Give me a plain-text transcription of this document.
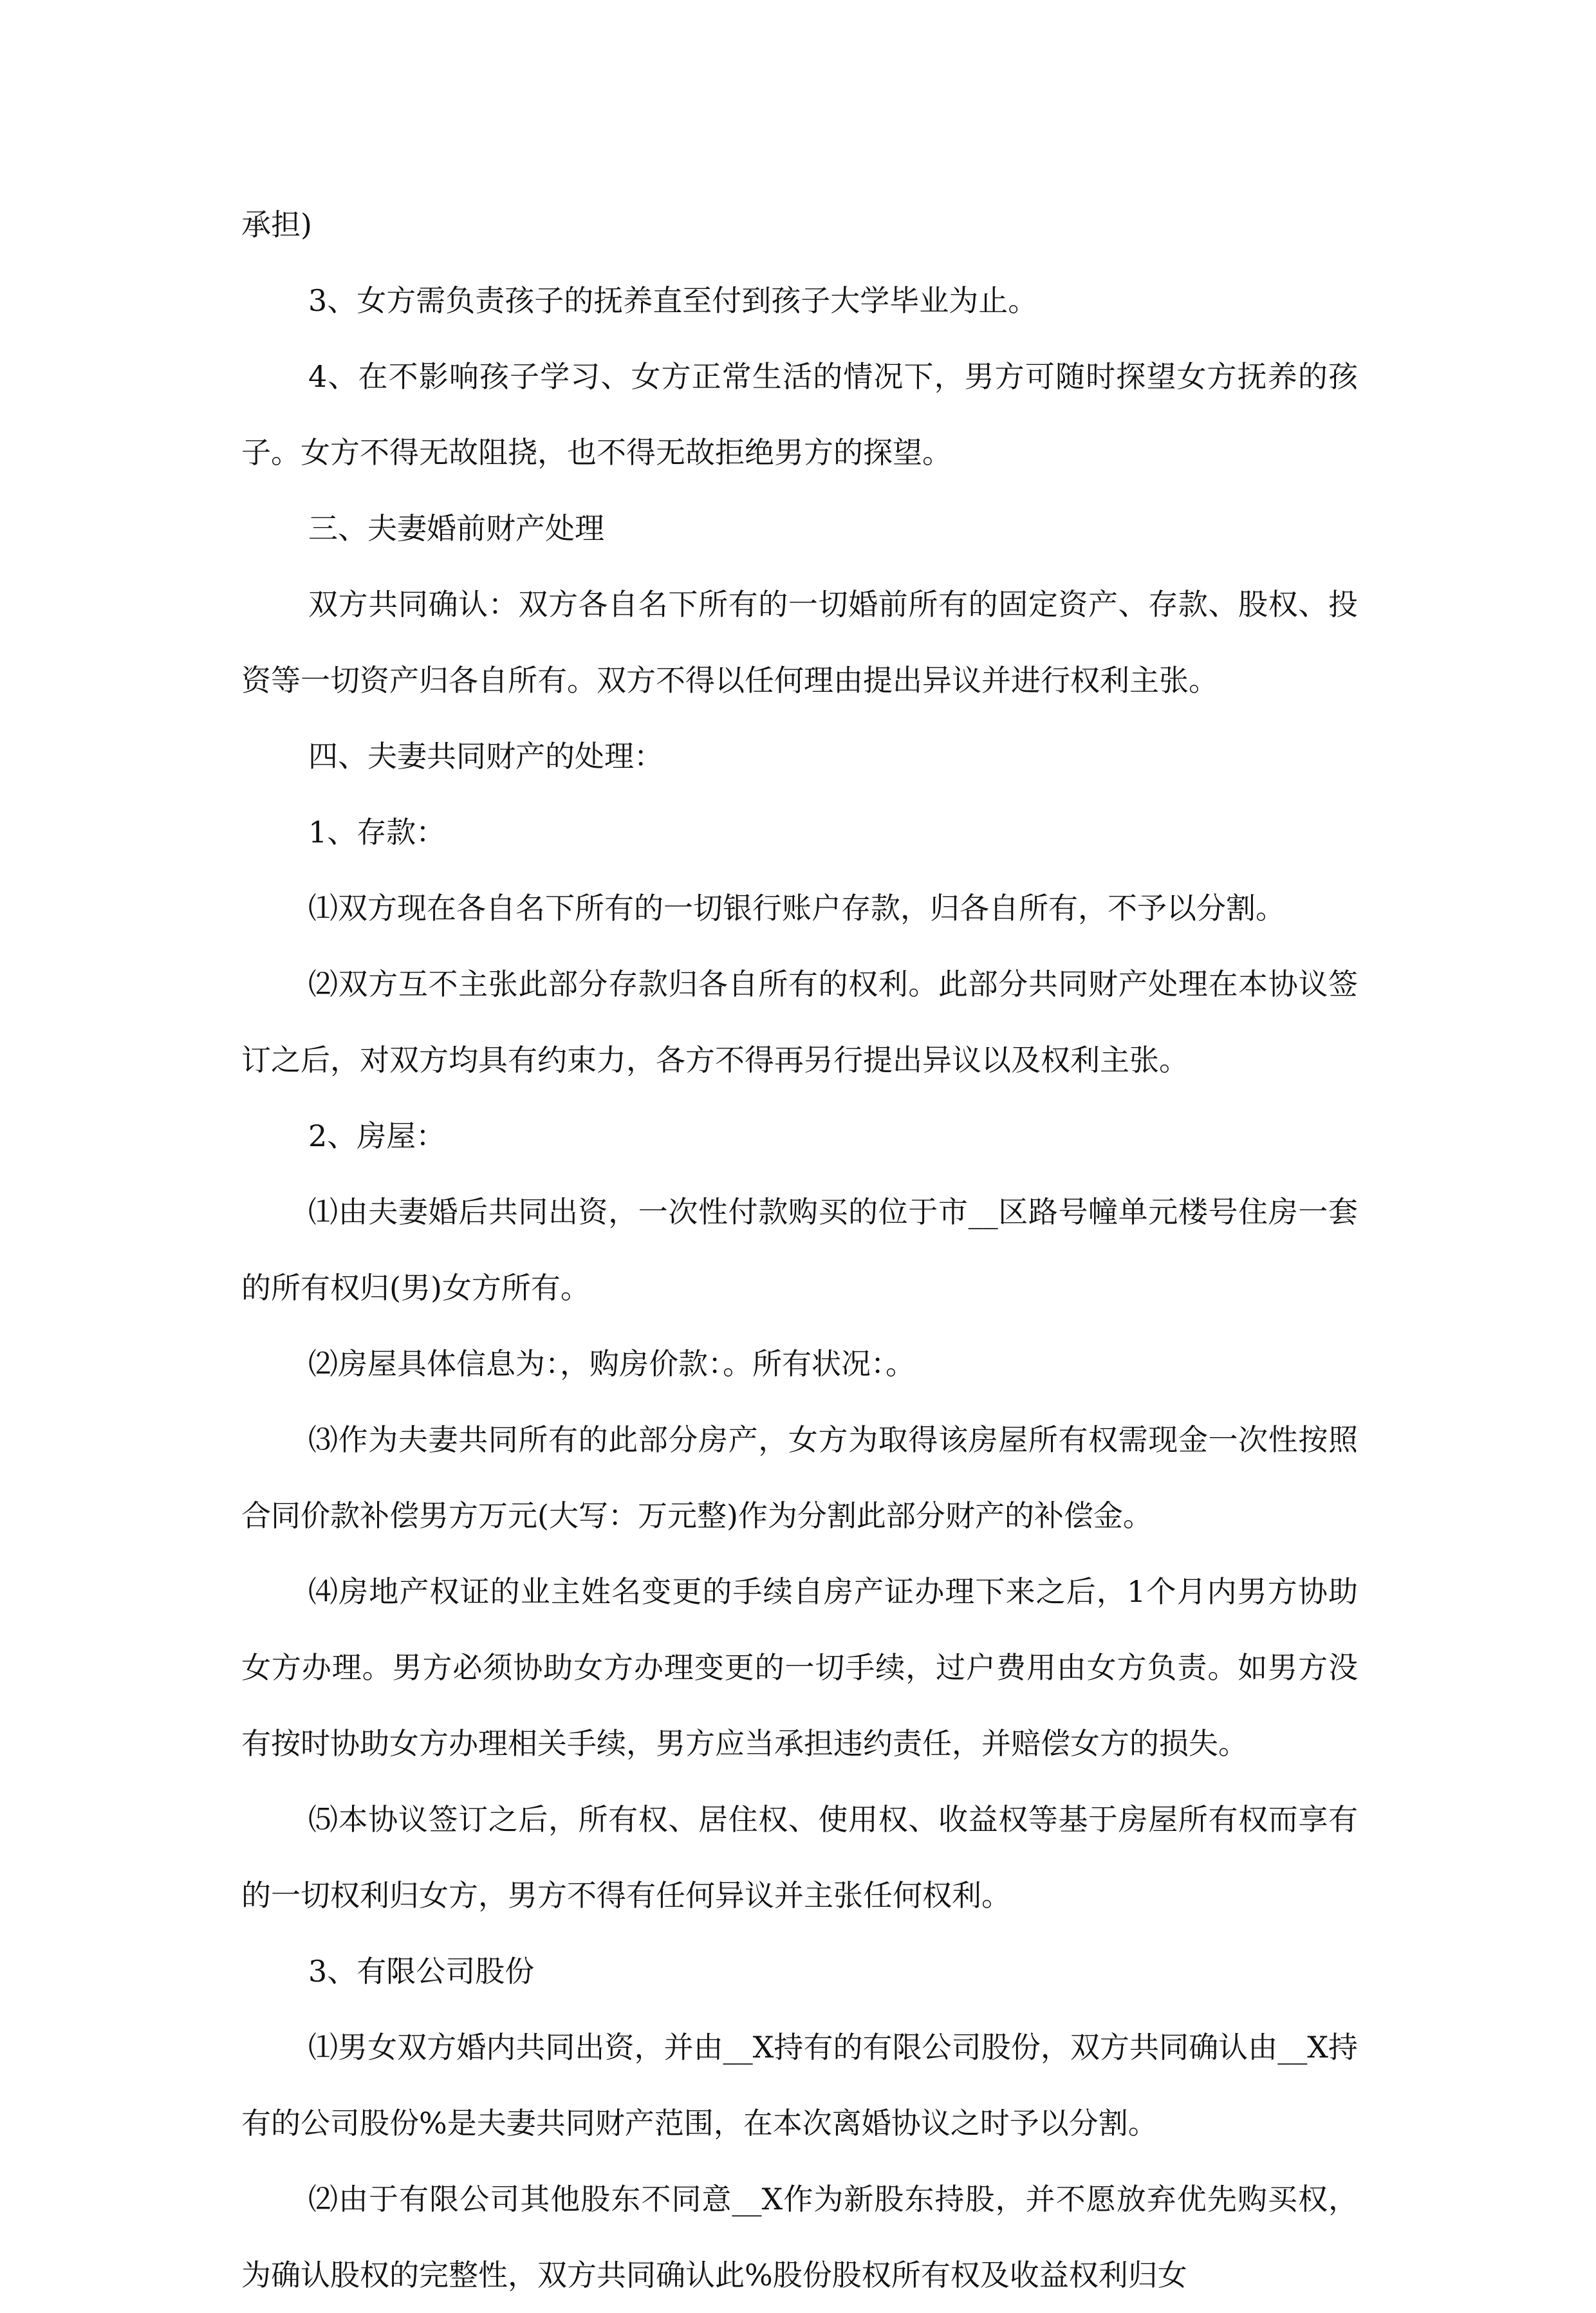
承担)

3、女方需负责孩子的抚养直至付到孩子大学毕业为止。

4、在不影响孩子学习、女方正常生活的情况下，男方可随时探望女方抚养的孩子。女方不得无故阻挠，也不得无故拒绝男方的探望。

三、夫妻婚前财产处理

双方共同确认：双方各自名下所有的一切婚前所有的固定资产、存款、股权、投资等一切资产归各自所有。双方不得以任何理由提出异议并进行权利主张。

四、夫妻共同财产的处理：

1、存款：

⑴双方现在各自名下所有的一切银行账户存款，归各自所有，不予以分割。

⑵双方互不主张此部分存款归各自所有的权利。此部分共同财产处理在本协议签订之后，对双方均具有约束力，各方不得再另行提出异议以及权利主张。

2、房屋：

⑴由夫妻婚后共同出资，一次性付款购买的位于市__区路号幢单元楼号住房一套的所有权归(男)女方所有。

⑵房屋具体信息为：，购房价款：。所有状况：。

⑶作为夫妻共同所有的此部分房产，女方为取得该房屋所有权需现金一次性按照合同价款补偿男方万元(大写：万元整)作为分割此部分财产的补偿金。

⑷房地产权证的业主姓名变更的手续自房产证办理下来之后，1个月内男方协助女方办理。男方必须协助女方办理变更的一切手续，过户费用由女方负责。如男方没有按时协助女方办理相关手续，男方应当承担违约责任，并赔偿女方的损失。

⑸本协议签订之后，所有权、居住权、使用权、收益权等基于房屋所有权而享有的一切权利归女方，男方不得有任何异议并主张任何权利。

3、有限公司股份

⑴男女双方婚内共同出资，并由__X持有的有限公司股份，双方共同确认由__X持有的公司股份%是夫妻共同财产范围，在本次离婚协议之时予以分割。

⑵由于有限公司其他股东不同意__X作为新股东持股，并不愿放弃优先购买权，为确认股权的完整性，双方共同确认此%股份股权所有权及收益权利归女
